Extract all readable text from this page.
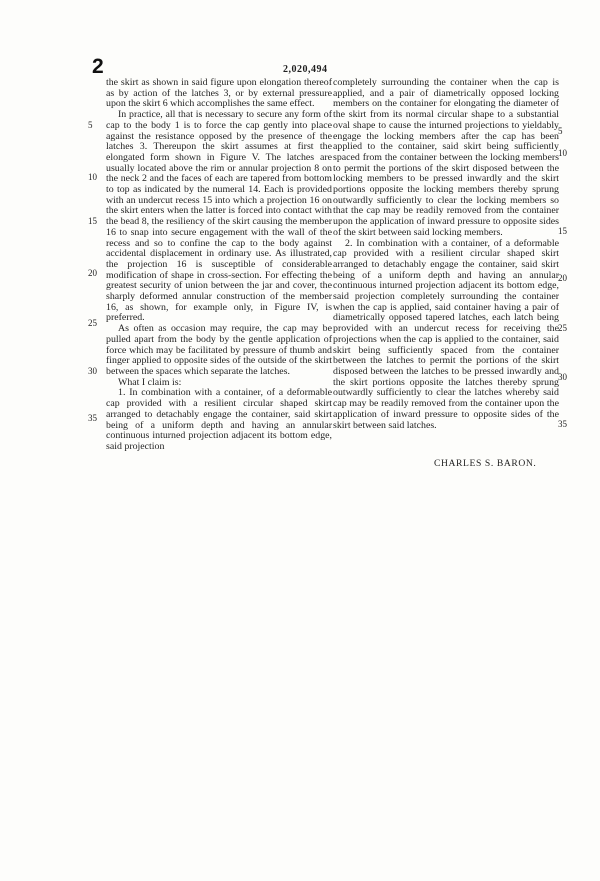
2	2,020,494

the skirt as shown in said figure upon elongation thereof as by action of the latches 3, or by external pressure upon the skirt 6 which accomplishes the same effect.

In practice, all that is necessary to secure any form of cap to the body 1 is to force the cap gently into place against the resistance opposed by the presence of the latches 3. Thereupon the skirt assumes at first the elongated form shown in Figure V. The latches are usually located above the rim or annular projection 8 on the neck 2 and the faces of each are tapered from bottom to top as indicated by the numeral 14. Each is provided with an undercut recess 15 into which a projection 16 on the skirt enters when the latter is forced into contact with the bead 8, the resiliency of the skirt causing the member 16 to snap into secure engagement with the wall of the recess and so to confine the cap to the body against accidental displacement in ordinary use. As illustrated, the projection 16 is susceptible of considerable modification of shape in cross-section. For effecting the greatest security of union between the jar and cover, the sharply deformed annular construction of the member 16, as shown, for example only, in Figure IV, is preferred.

As often as occasion may require, the cap may be pulled apart from the body by the gentle application of force which may be facilitated by pressure of thumb and finger applied to opposite sides of the outside of the skirt between the spaces which separate the latches.

What I claim is:

1. In combination with a container, of a deformable cap provided with a resilient circular shaped skirt arranged to detachably engage the container, said skirt being of a uniform depth and having an annular continuous inturned projection adjacent its bottom edge, said projection

completely surrounding the container when the cap is applied, and a pair of diametrically opposed locking members on the container for elongating the diameter of the skirt from its normal circular shape to a substantial oval shape to cause the inturned projections to yieldably engage the locking members after the cap has been applied to the container, said skirt being sufficiently spaced from the container between the locking members to permit the portions of the skirt disposed between the locking members to be pressed inwardly and the skirt portions opposite the locking members thereby sprung outwardly sufficiently to clear the locking members so that the cap may be readily removed from the container upon the application of inward pressure to opposite sides of the skirt between said locking members.

2. In combination with a container, of a deformable cap provided with a resilient circular shaped skirt arranged to detachably engage the container, said skirt being of a uniform depth and having an annular continuous inturned projection adjacent its bottom edge, said projection completely surrounding the container when the cap is applied, said container having a pair of diametrically opposed tapered latches, each latch being provided with an undercut recess for receiving the projections when the cap is applied to the container, said skirt being sufficiently spaced from the container between the latches to permit the portions of the skirt disposed between the latches to be pressed inwardly and the skirt portions opposite the latches thereby sprung outwardly sufficiently to clear the latches whereby said cap may be readily removed from the container upon the application of inward pressure to opposite sides of the skirt between said latches.

5
10
15
20
25
30
35
5
10
15
20
25
30
35
CHARLES S. BARON.
